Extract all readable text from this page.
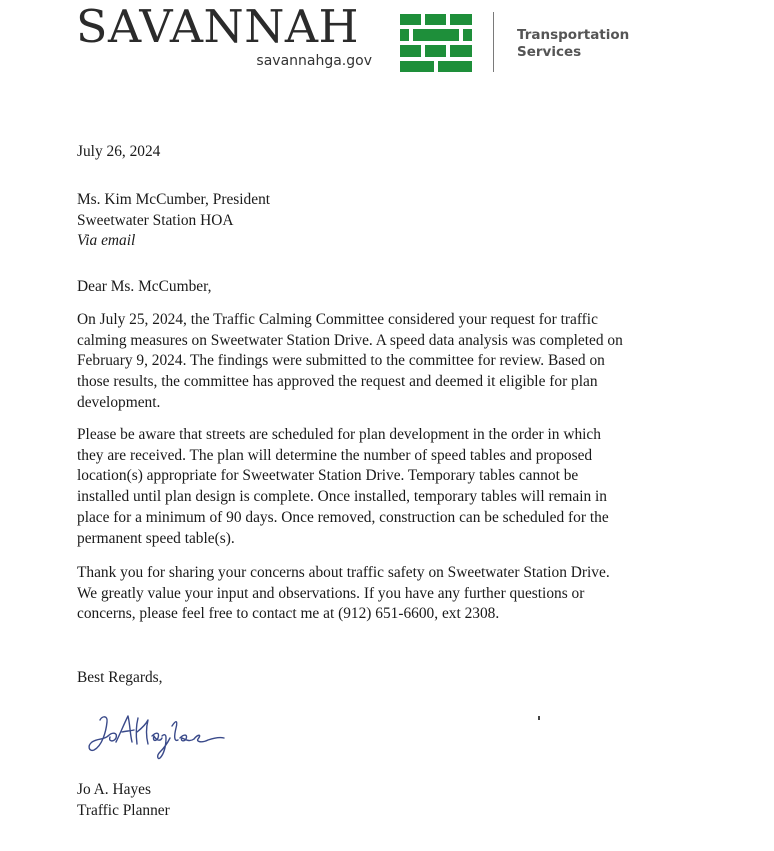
SAVANNAH
savannahga.gov
Transportation
Services
July 26, 2024
Ms. Kim McCumber, President
Sweetwater Station HOA
Via email
Dear Ms. McCumber,
On July 25, 2024, the Traffic Calming Committee considered your request for traffic
calming measures on Sweetwater Station Drive. A speed data analysis was completed on
February 9, 2024. The findings were submitted to the committee for review. Based on
those results, the committee has approved the request and deemed it eligible for plan
development.
Please be aware that streets are scheduled for plan development in the order in which
they are received. The plan will determine the number of speed tables and proposed
location(s) appropriate for Sweetwater Station Drive. Temporary tables cannot be
installed until plan design is complete. Once installed, temporary tables will remain in
place for a minimum of 90 days. Once removed, construction can be scheduled for the
permanent speed table(s).
Thank you for sharing your concerns about traffic safety on Sweetwater Station Drive.
We greatly value your input and observations. If you have any further questions or
concerns, please feel free to contact me at (912) 651-6600, ext 2308.
Best Regards,
Jo A. Hayes
Traffic Planner
